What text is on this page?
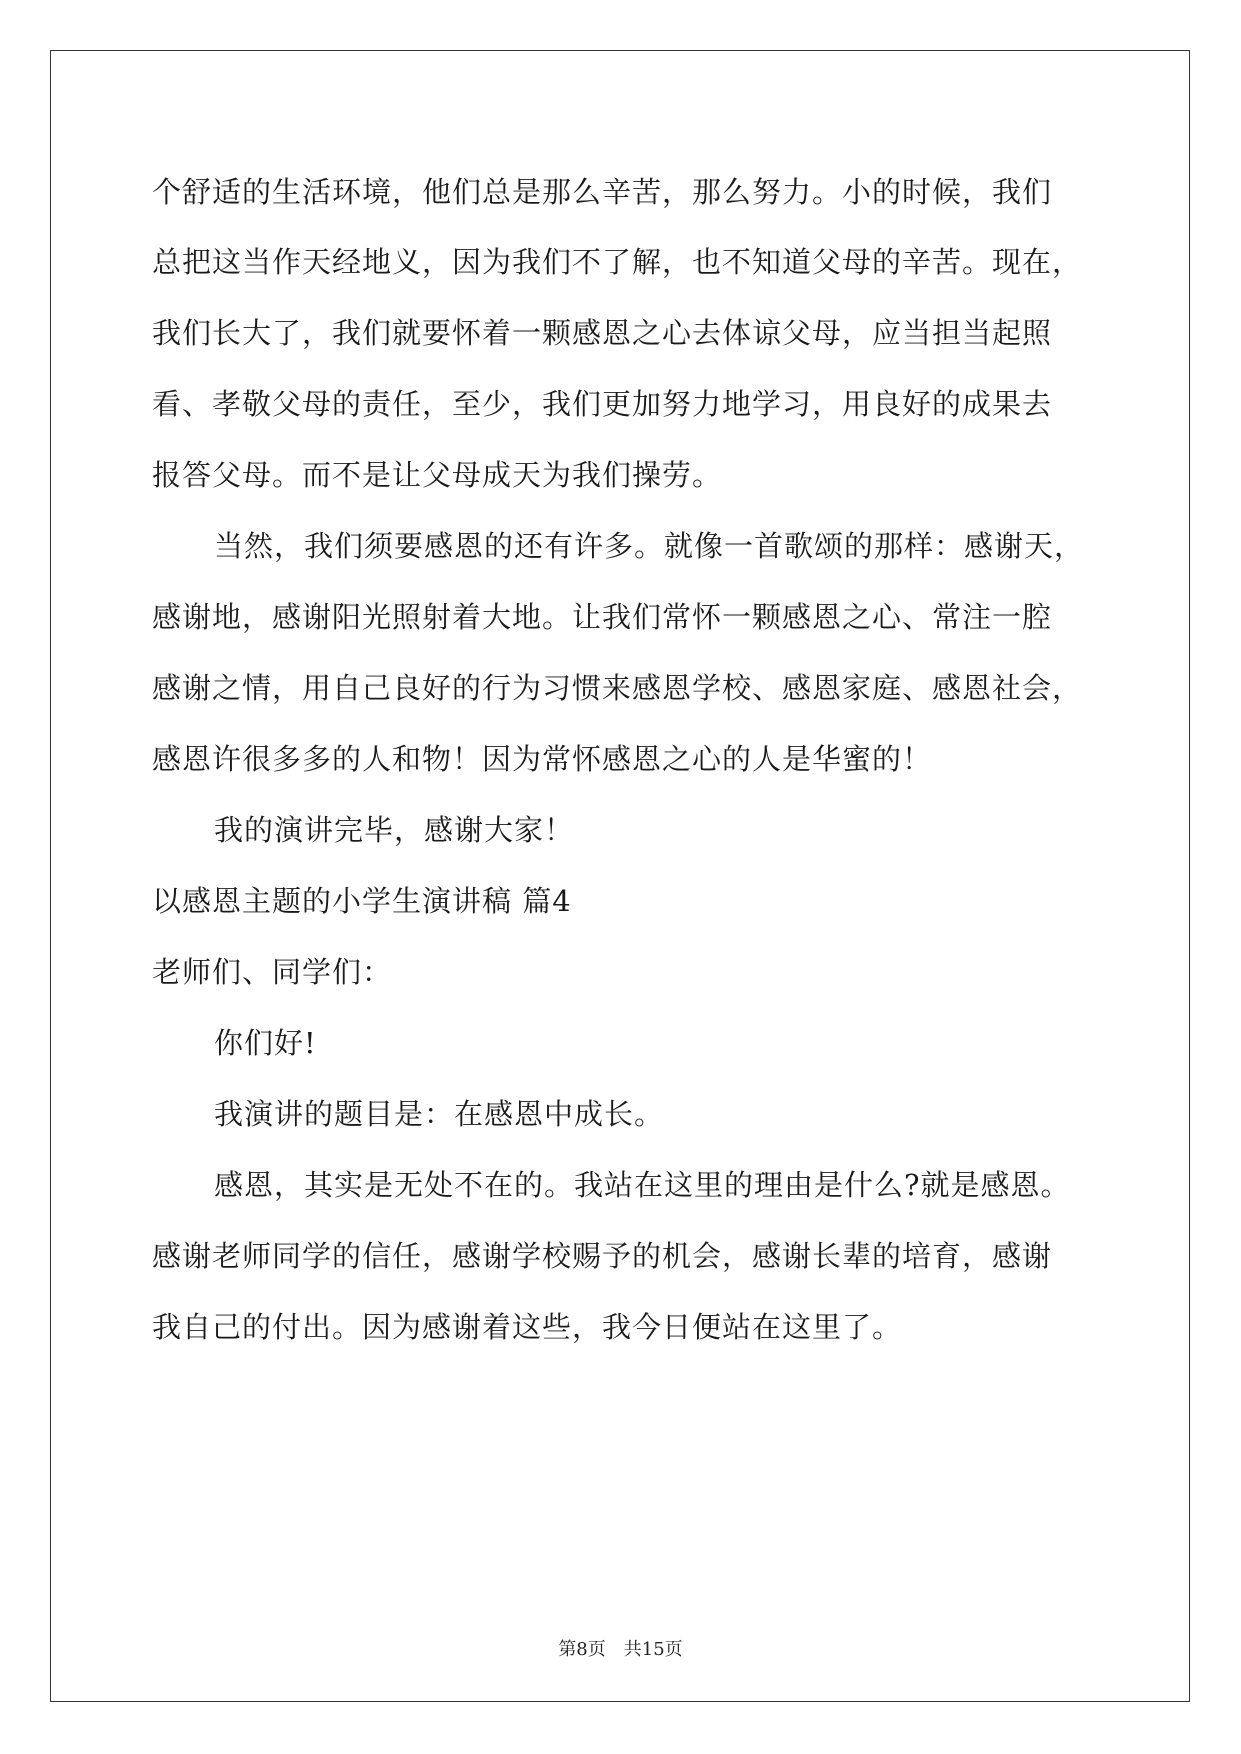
个舒适的生活环境，他们总是那么辛苦，那么努力。小的时候，我们
总把这当作天经地义，因为我们不了解，也不知道父母的辛苦。现在，
我们长大了，我们就要怀着一颗感恩之心去体谅父母，应当担当起照
看、孝敬父母的责任，至少，我们更加努力地学习，用良好的成果去
报答父母。而不是让父母成天为我们操劳。
当然，我们须要感恩的还有许多。就像一首歌颂的那样：感谢天，
感谢地，感谢阳光照射着大地。让我们常怀一颗感恩之心、常注一腔
感谢之情，用自己良好的行为习惯来感恩学校、感恩家庭、感恩社会，
感恩许很多多的人和物！因为常怀感恩之心的人是华蜜的！
我的演讲完毕，感谢大家！
以感恩主题的小学生演讲稿 篇4
老师们、同学们：
你们好!
我演讲的题目是：在感恩中成长。
感恩，其实是无处不在的。我站在这里的理由是什么?就是感恩。
感谢老师同学的信任，感谢学校赐予的机会，感谢长辈的培育，感谢
我自己的付出。因为感谢着这些，我今日便站在这里了。
第8页　共15页
